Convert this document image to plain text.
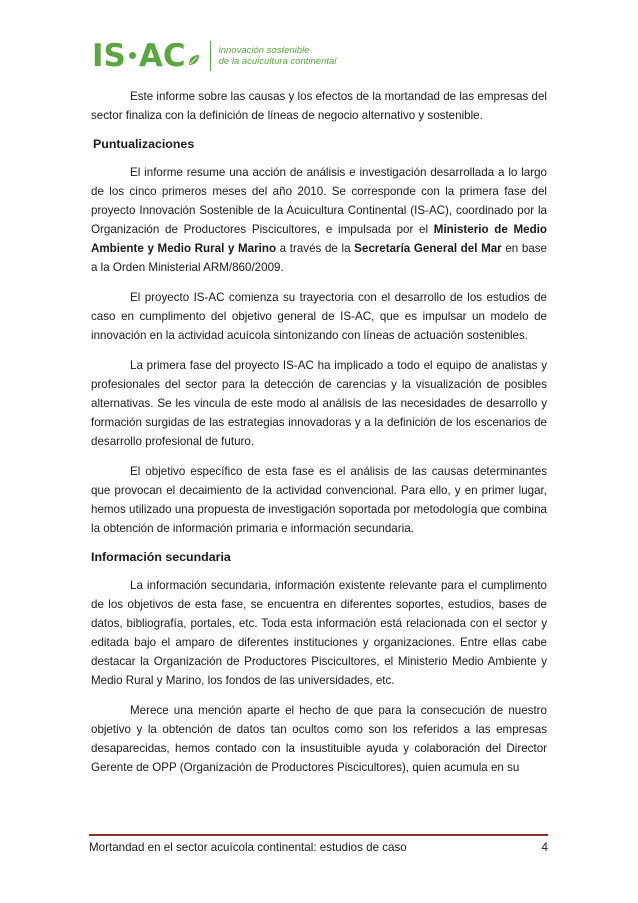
IS AC	innovación sostenible
de la acuicultura continental

Este informe sobre las causas y los efectos de la mortandad de las empresas del sector finaliza con la definición de líneas de negocio alternativo y sostenible.

Puntualizaciones

El informe resume una acción de análisis e investigación desarrollada a lo largo de los cinco primeros meses del año 2010. Se corresponde con la primera fase del proyecto Innovación Sostenible de la Acuicultura Continental (IS-AC), coordinado por la Organización de Productores Piscicultores, e impulsada por el Ministerio de Medio Ambiente y Medio Rural y Marino a través de la Secretaría General del Mar en base a la Orden Ministerial ARM/860/2009.

El proyecto IS-AC comienza su trayectoria con el desarrollo de los estudios de caso en cumplimento del objetivo general de IS-AC, que es impulsar un modelo de innovación en la actividad acuícola sintonizando con líneas de actuación sostenibles.

La primera fase del proyecto IS-AC ha implicado a todo el equipo de analistas y profesionales del sector para la detección de carencias y la visualización de posibles alternativas. Se les vincula de este modo al análisis de las necesidades de desarrollo y formación surgidas de las estrategias innovadoras y a la definición de los escenarios de desarrollo profesional de futuro.

El objetivo específico de esta fase es el análisis de las causas determinantes que provocan el decaimiento de la actividad convencional. Para ello, y en primer lugar, hemos utilizado una propuesta de investigación soportada por metodología que combina la obtención de información primaria e información secundaria.

Información secundaria

La información secundaria, información existente relevante para el cumplimento de los objetivos de esta fase, se encuentra en diferentes soportes, estudios, bases de datos, bibliografía, portales, etc. Toda esta información está relacionada con el sector y editada bajo el amparo de diferentes instituciones y organizaciones. Entre ellas cabe destacar la Organización de Productores Piscicultores, el Ministerio Medio Ambiente y Medio Rural y Marino, los fondos de las universidades, etc.

Merece una mención aparte el hecho de que para la consecución de nuestro objetivo y la obtención de datos tan ocultos como son los referidos a las empresas desaparecidas, hemos contado con la insustituible ayuda y colaboración del Director Gerente de OPP (Organización de Productores Piscicultores), quien acumula en su

Mortandad en el sector acuícola continental: estudios de caso	4
